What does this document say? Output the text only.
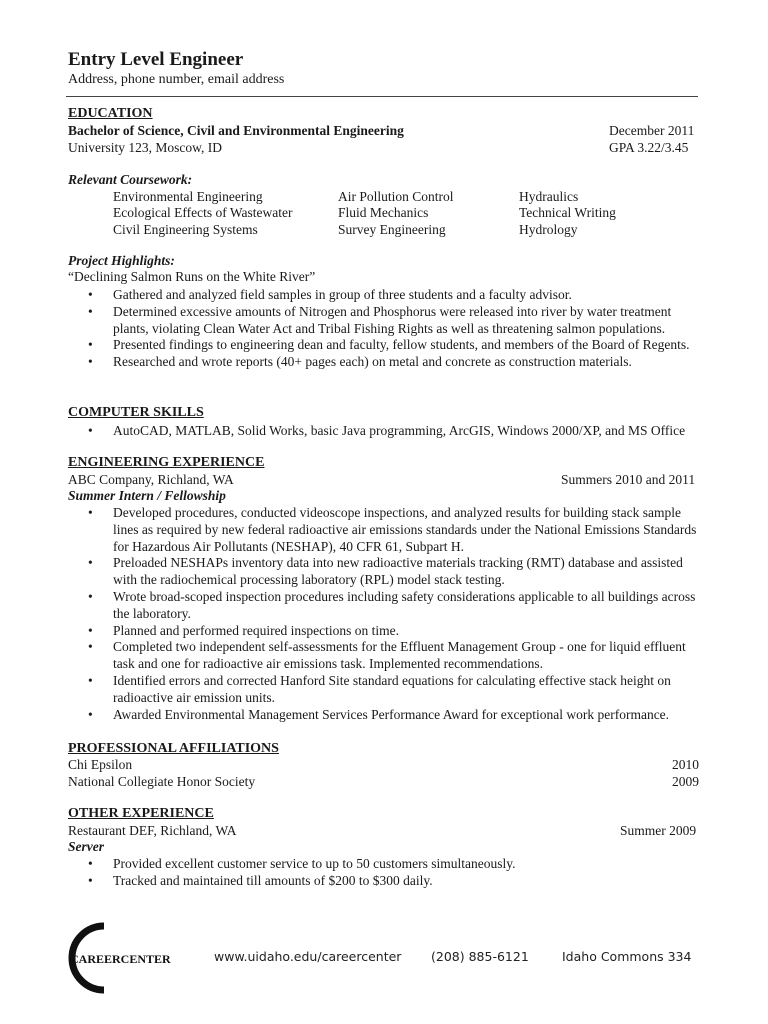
Entry Level Engineer
Address, phone number, email address
EDUCATION
Bachelor of Science, Civil and Environmental Engineering	December 2011
University 123, Moscow, ID	GPA 3.22/3.45
Relevant Coursework:
Environmental Engineering	Air Pollution Control	Hydraulics
Ecological Effects of Wastewater	Fluid Mechanics	Technical Writing
Civil Engineering Systems	Survey Engineering	Hydrology
Project Highlights:
“Declining Salmon Runs on the White River”
• Gathered and analyzed field samples in group of three students and a faculty advisor.
• Determined excessive amounts of Nitrogen and Phosphorus were released into river by water treatment plants, violating Clean Water Act and Tribal Fishing Rights as well as threatening salmon populations.
• Presented findings to engineering dean and faculty, fellow students, and members of the Board of Regents.
• Researched and wrote reports (40+ pages each) on metal and concrete as construction materials.
COMPUTER SKILLS
• AutoCAD, MATLAB, Solid Works, basic Java programming, ArcGIS, Windows 2000/XP, and MS Office
ENGINEERING EXPERIENCE
ABC Company, Richland, WA	Summers 2010 and 2011
Summer Intern / Fellowship
• Developed procedures, conducted videoscope inspections, and analyzed results for building stack sample lines as required by new federal radioactive air emissions standards under the National Emissions Standards for Hazardous Air Pollutants (NESHAP), 40 CFR 61, Subpart H.
• Preloaded NESHAPs inventory data into new radioactive materials tracking (RMT) database and assisted with the radiochemical processing laboratory (RPL) model stack testing.
• Wrote broad-scoped inspection procedures including safety considerations applicable to all buildings across the laboratory.
• Planned and performed required inspections on time.
• Completed two independent self-assessments for the Effluent Management Group - one for liquid effluent task and one for radioactive air emissions task. Implemented recommendations.
• Identified errors and corrected Hanford Site standard equations for calculating effective stack height on radioactive air emission units.
• Awarded Environmental Management Services Performance Award for exceptional work performance.
PROFESSIONAL AFFILIATIONS
Chi Epsilon	2010
National Collegiate Honor Society	2009
OTHER EXPERIENCE
Restaurant DEF, Richland, WA	Summer 2009
Server
• Provided excellent customer service to up to 50 customers simultaneously.
• Tracked and maintained till amounts of $200 to $300 daily.
CAREERCENTER	www.uidaho.edu/careercenter (208) 885-6121	Idaho Commons 334
